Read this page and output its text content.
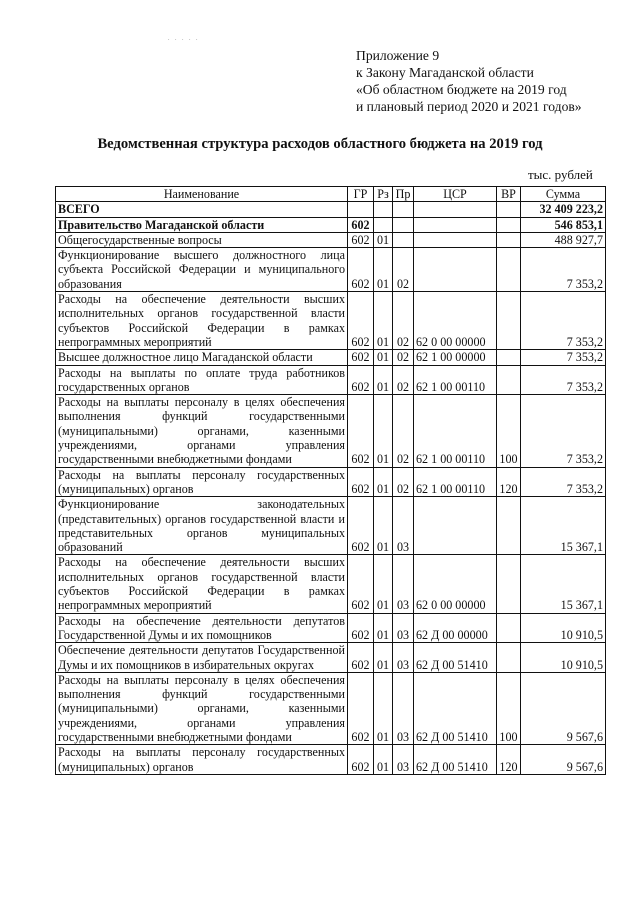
. . . . .
Приложение 9
к Закону Магаданской области
«Об областном бюджете на 2019 год
и плановый период 2020 и 2021 годов»
Ведомственная структура расходов областного бюджета на 2019 год
тыс. рублей
Наименование	ГР	Рз	Пр	ЦСР	ВР	Сумма
ВСЕГО						32 409 223,2
Правительство Магаданской области	602					546 853,1
Общегосударственные вопросы	602	01				488 927,7
Функционирование высшего должностного лица субъекта Российской Федерации и муниципального образования	602	01	02			7 353,2
Расходы на обеспечение деятельности высших исполнительных органов государственной власти субъектов Российской Федерации в рамках непрограммных мероприятий	602	01	02	62 0 00 00000		7 353,2
Высшее должностное лицо Магаданской области	602	01	02	62 1 00 00000		7 353,2
Расходы на выплаты по оплате труда работников государственных органов	602	01	02	62 1 00 00110		7 353,2
Расходы на выплаты персоналу в целях обеспечения выполнения функций государственными (муниципальными) органами, казенными учреждениями, органами управления государственными внебюджетными фондами	602	01	02	62 1 00 00110	100	7 353,2
Расходы на выплаты персоналу государственных (муниципальных) органов	602	01	02	62 1 00 00110	120	7 353,2
Функционирование законодательных (представительных) органов государственной власти и представительных органов муниципальных образований	602	01	03			15 367,1
Расходы на обеспечение деятельности высших исполнительных органов государственной власти субъектов Российской Федерации в рамках непрограммных мероприятий	602	01	03	62 0 00 00000		15 367,1
Расходы на обеспечение деятельности депутатов Государственной Думы и их помощников	602	01	03	62 Д 00 00000		10 910,5
Обеспечение деятельности депутатов Государственной Думы и их помощников в избирательных округах	602	01	03	62 Д 00 51410		10 910,5
Расходы на выплаты персоналу в целях обеспечения выполнения функций государственными (муниципальными) органами, казенными учреждениями, органами управления государственными внебюджетными фондами	602	01	03	62 Д 00 51410	100	9 567,6
Расходы на выплаты персоналу государственных (муниципальных) органов	602	01	03	62 Д 00 51410	120	9 567,6
